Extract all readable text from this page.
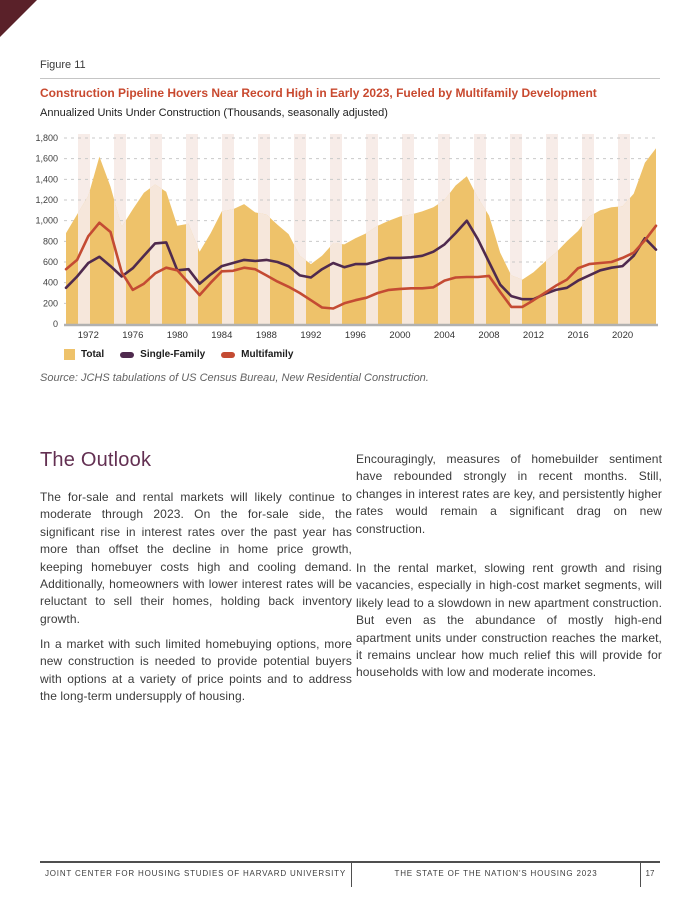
Figure 11
Construction Pipeline Hovers Near Record High in Early 2023, Fueled by Multifamily Development
Annualized Units Under Construction (Thousands, seasonally adjusted)
0
200
400
600
800
1,000
1,200
1,400
1,600
1,800
1972 1976 1980 1984 1988 1992 1996 2000 2004 2008 2012 2016 2020
Total	Single-Family	Multifamily
Source: JCHS tabulations of US Census Bureau, New Residential Construction.
The Outlook

The for-sale and rental markets will likely continue to moderate through 2023. On the for-sale side, the significant rise in interest rates over the past year has more than offset the decline in home price growth, keeping homebuyer costs high and cooling demand. Additionally, homeowners with lower interest rates will be reluctant to sell their homes, holding back inventory growth.

In a market with such limited homebuying options, more new construction is needed to provide potential buyers with options at a variety of price points and to address the long-term undersupply of housing.

Encouragingly, measures of homebuilder sentiment have rebounded strongly in recent months. Still, changes in interest rates are key, and persistently higher rates would remain a significant drag on new construction.

In the rental market, slowing rent growth and rising vacancies, especially in high-cost market segments, will likely lead to a slowdown in new apartment construction. But even as the abundance of mostly high-end apartment units under construction reaches the market, it remains unclear how much relief this will provide for households with low and moderate incomes.

JOINT CENTER FOR HOUSING STUDIES OF HARVARD UNIVERSITY	THE STATE OF THE NATION'S HOUSING 2023	17
